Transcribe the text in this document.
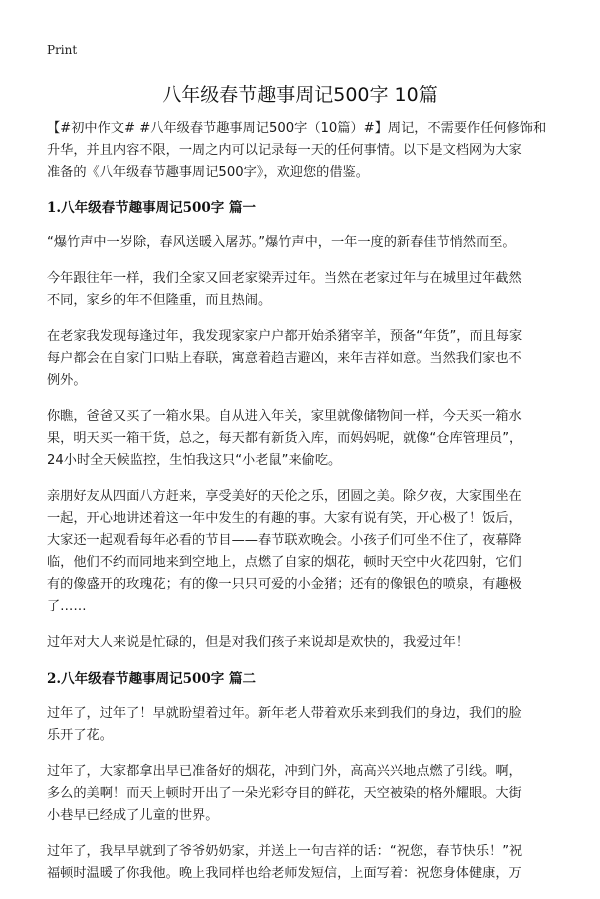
Print
八年级春节趣事周记500字 10篇

【#初中作文# #八年级春节趣事周记500字（10篇）#】周记，不需要作任何修饰和
升华，并且内容不限，一周之内可以记录每一天的任何事情。以下是文档网为大家
准备的《八年级春节趣事周记500字》，欢迎您的借鉴。

1.八年级春节趣事周记500字 篇一

“爆竹声中一岁除，春风送暖入屠苏。”爆竹声中，一年一度的新春佳节悄然而至。

今年跟往年一样，我们全家又回老家梁弄过年。当然在老家过年与在城里过年截然
不同，家乡的年不但隆重，而且热闹。

在老家我发现每逢过年，我发现家家户户都开始杀猪宰羊，预备“年货”，而且每家
每户都会在自家门口贴上春联，寓意着趋吉避凶，来年吉祥如意。当然我们家也不
例外。

你瞧，爸爸又买了一箱水果。自从进入年关，家里就像储物间一样，今天买一箱水
果，明天买一箱干货，总之，每天都有新货入库，而妈妈呢，就像“仓库管理员”，
24小时全天候监控，生怕我这只“小老鼠”来偷吃。

亲朋好友从四面八方赶来，享受美好的天伦之乐，团圆之美。除夕夜，大家围坐在
一起，开心地讲述着这一年中发生的有趣的事。大家有说有笑，开心极了！饭后，
大家还一起观看每年必看的节目——春节联欢晚会。小孩子们可坐不住了，夜幕降
临，他们不约而同地来到空地上，点燃了自家的烟花，顿时天空中火花四射，它们
有的像盛开的玫瑰花；有的像一只只可爱的小金猪；还有的像银色的喷泉，有趣极
了……

过年对大人来说是忙碌的，但是对我们孩子来说却是欢快的，我爱过年！

2.八年级春节趣事周记500字 篇二

过年了，过年了！早就盼望着过年。新年老人带着欢乐来到我们的身边，我们的脸
乐开了花。

过年了，大家都拿出早已准备好的烟花，冲到门外，高高兴兴地点燃了引线。啊，
多么的美啊！而天上顿时开出了一朵光彩夺目的鲜花，天空被染的格外耀眼。大街
小巷早已经成了儿童的世界。

过年了，我早早就到了爷爷奶奶家，并送上一句吉祥的话：“祝您，春节快乐！”祝
福顿时温暖了你我他。晚上我同样也给老师发短信，上面写着：祝您身体健康，万
